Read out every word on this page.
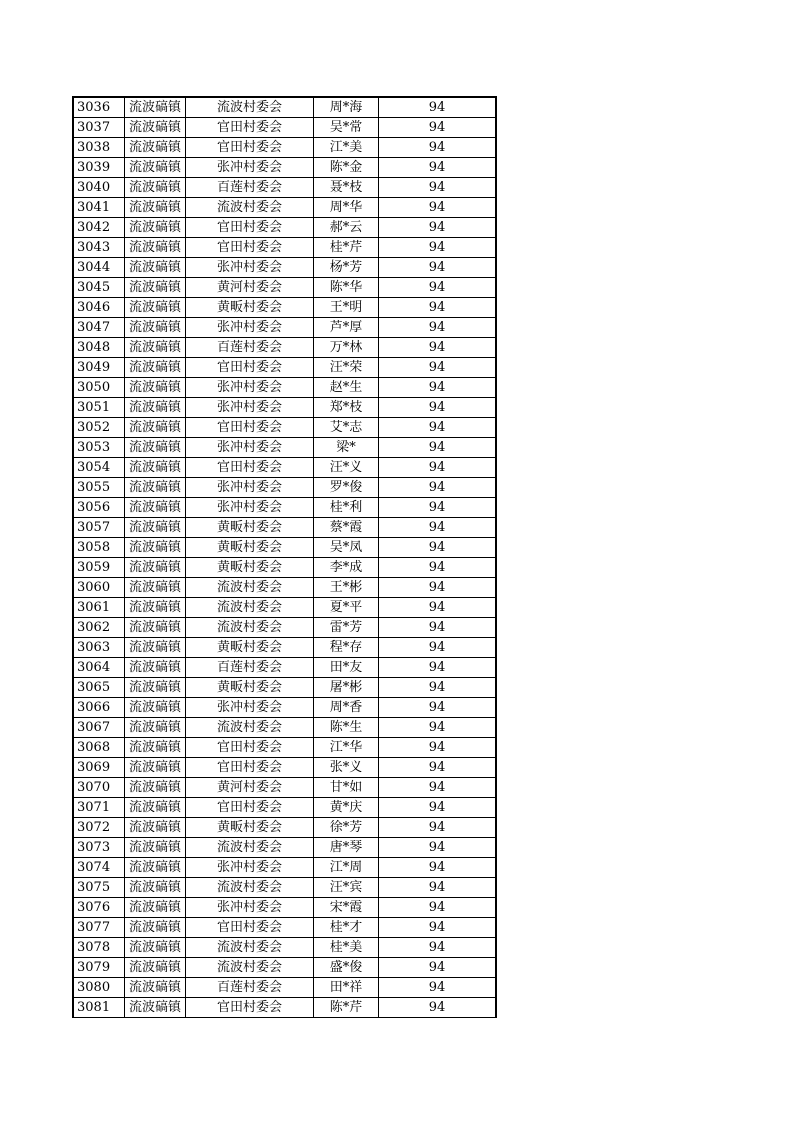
3036	流波碻镇	流波村委会	周*海	94
3037	流波碻镇	官田村委会	吴*常	94
3038	流波碻镇	官田村委会	江*美	94
3039	流波碻镇	张冲村委会	陈*金	94
3040	流波碻镇	百莲村委会	聂*枝	94
3041	流波碻镇	流波村委会	周*华	94
3042	流波碻镇	官田村委会	郝*云	94
3043	流波碻镇	官田村委会	桂*芹	94
3044	流波碻镇	张冲村委会	杨*芳	94
3045	流波碻镇	黄河村委会	陈*华	94
3046	流波碻镇	黄畈村委会	王*明	94
3047	流波碻镇	张冲村委会	芦*厚	94
3048	流波碻镇	百莲村委会	万*林	94
3049	流波碻镇	官田村委会	汪*荣	94
3050	流波碻镇	张冲村委会	赵*生	94
3051	流波碻镇	张冲村委会	郑*枝	94
3052	流波碻镇	官田村委会	艾*志	94
3053	流波碻镇	张冲村委会	梁*	94
3054	流波碻镇	官田村委会	汪*义	94
3055	流波碻镇	张冲村委会	罗*俊	94
3056	流波碻镇	张冲村委会	桂*利	94
3057	流波碻镇	黄畈村委会	蔡*霞	94
3058	流波碻镇	黄畈村委会	吴*凤	94
3059	流波碻镇	黄畈村委会	李*成	94
3060	流波碻镇	流波村委会	王*彬	94
3061	流波碻镇	流波村委会	夏*平	94
3062	流波碻镇	流波村委会	雷*芳	94
3063	流波碻镇	黄畈村委会	程*存	94
3064	流波碻镇	百莲村委会	田*友	94
3065	流波碻镇	黄畈村委会	屠*彬	94
3066	流波碻镇	张冲村委会	周*香	94
3067	流波碻镇	流波村委会	陈*生	94
3068	流波碻镇	官田村委会	江*华	94
3069	流波碻镇	官田村委会	张*义	94
3070	流波碻镇	黄河村委会	甘*如	94
3071	流波碻镇	官田村委会	黄*庆	94
3072	流波碻镇	黄畈村委会	徐*芳	94
3073	流波碻镇	流波村委会	唐*琴	94
3074	流波碻镇	张冲村委会	江*周	94
3075	流波碻镇	流波村委会	汪*宾	94
3076	流波碻镇	张冲村委会	宋*霞	94
3077	流波碻镇	官田村委会	桂*才	94
3078	流波碻镇	流波村委会	桂*美	94
3079	流波碻镇	流波村委会	盛*俊	94
3080	流波碻镇	百莲村委会	田*祥	94
3081	流波碻镇	官田村委会	陈*芹	94
